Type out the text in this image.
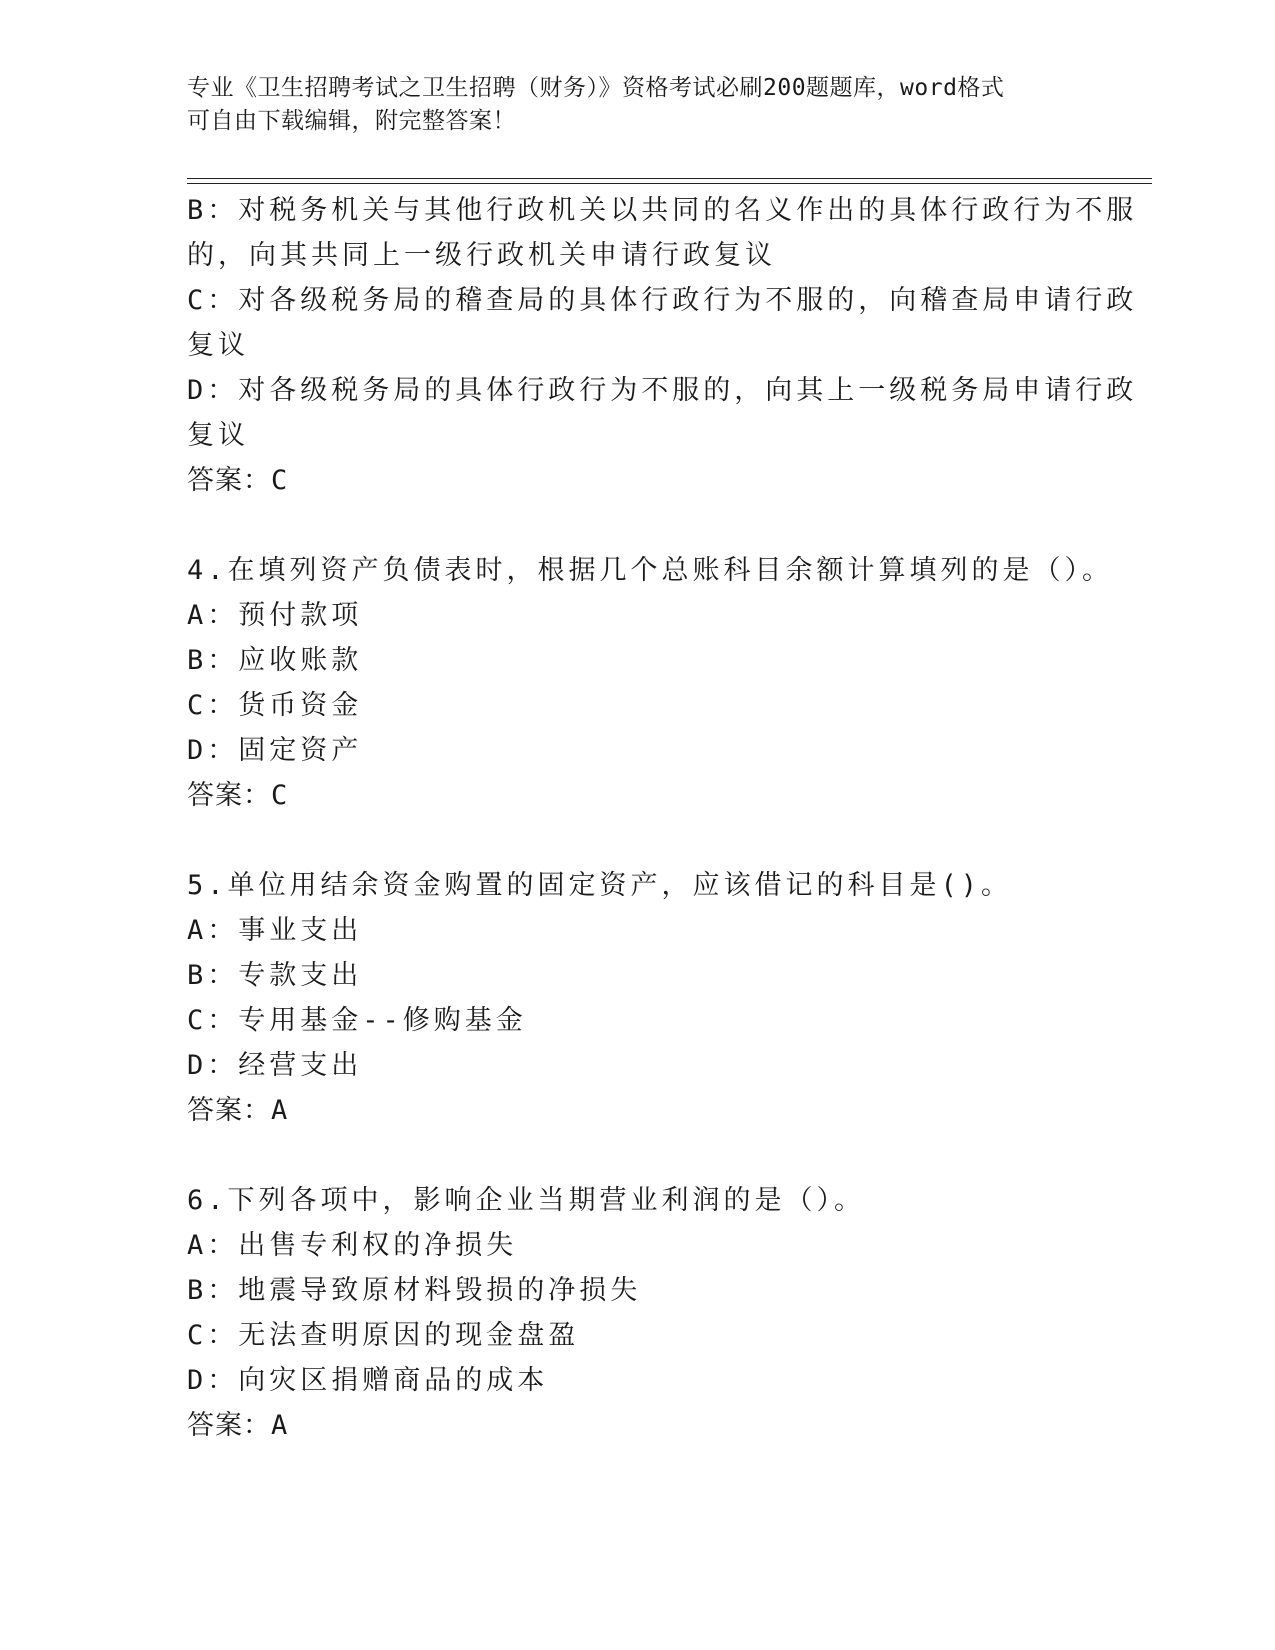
专业《卫生招聘考试之卫生招聘（财务）》资格考试必刷200题题库，word格式
可自由下载编辑，附完整答案！
B：对税务机关与其他行政机关以共同的名义作出的具体行政行为不服
的，向其共同上一级行政机关申请行政复议
C：对各级税务局的稽查局的具体行政行为不服的，向稽查局申请行政
复议
D：对各级税务局的具体行政行为不服的，向其上一级税务局申请行政
复议
答案：C
4.在填列资产负债表时，根据几个总账科目余额计算填列的是（）。
A：预付款项
B：应收账款
C：货币资金
D：固定资产
答案：C
5.单位用结余资金购置的固定资产，应该借记的科目是()。
A：事业支出
B：专款支出
C：专用基金--修购基金
D：经营支出
答案：A
6.下列各项中，影响企业当期营业利润的是（）。
A：出售专利权的净损失
B：地震导致原材料毁损的净损失
C：无法查明原因的现金盘盈
D：向灾区捐赠商品的成本
答案：A
